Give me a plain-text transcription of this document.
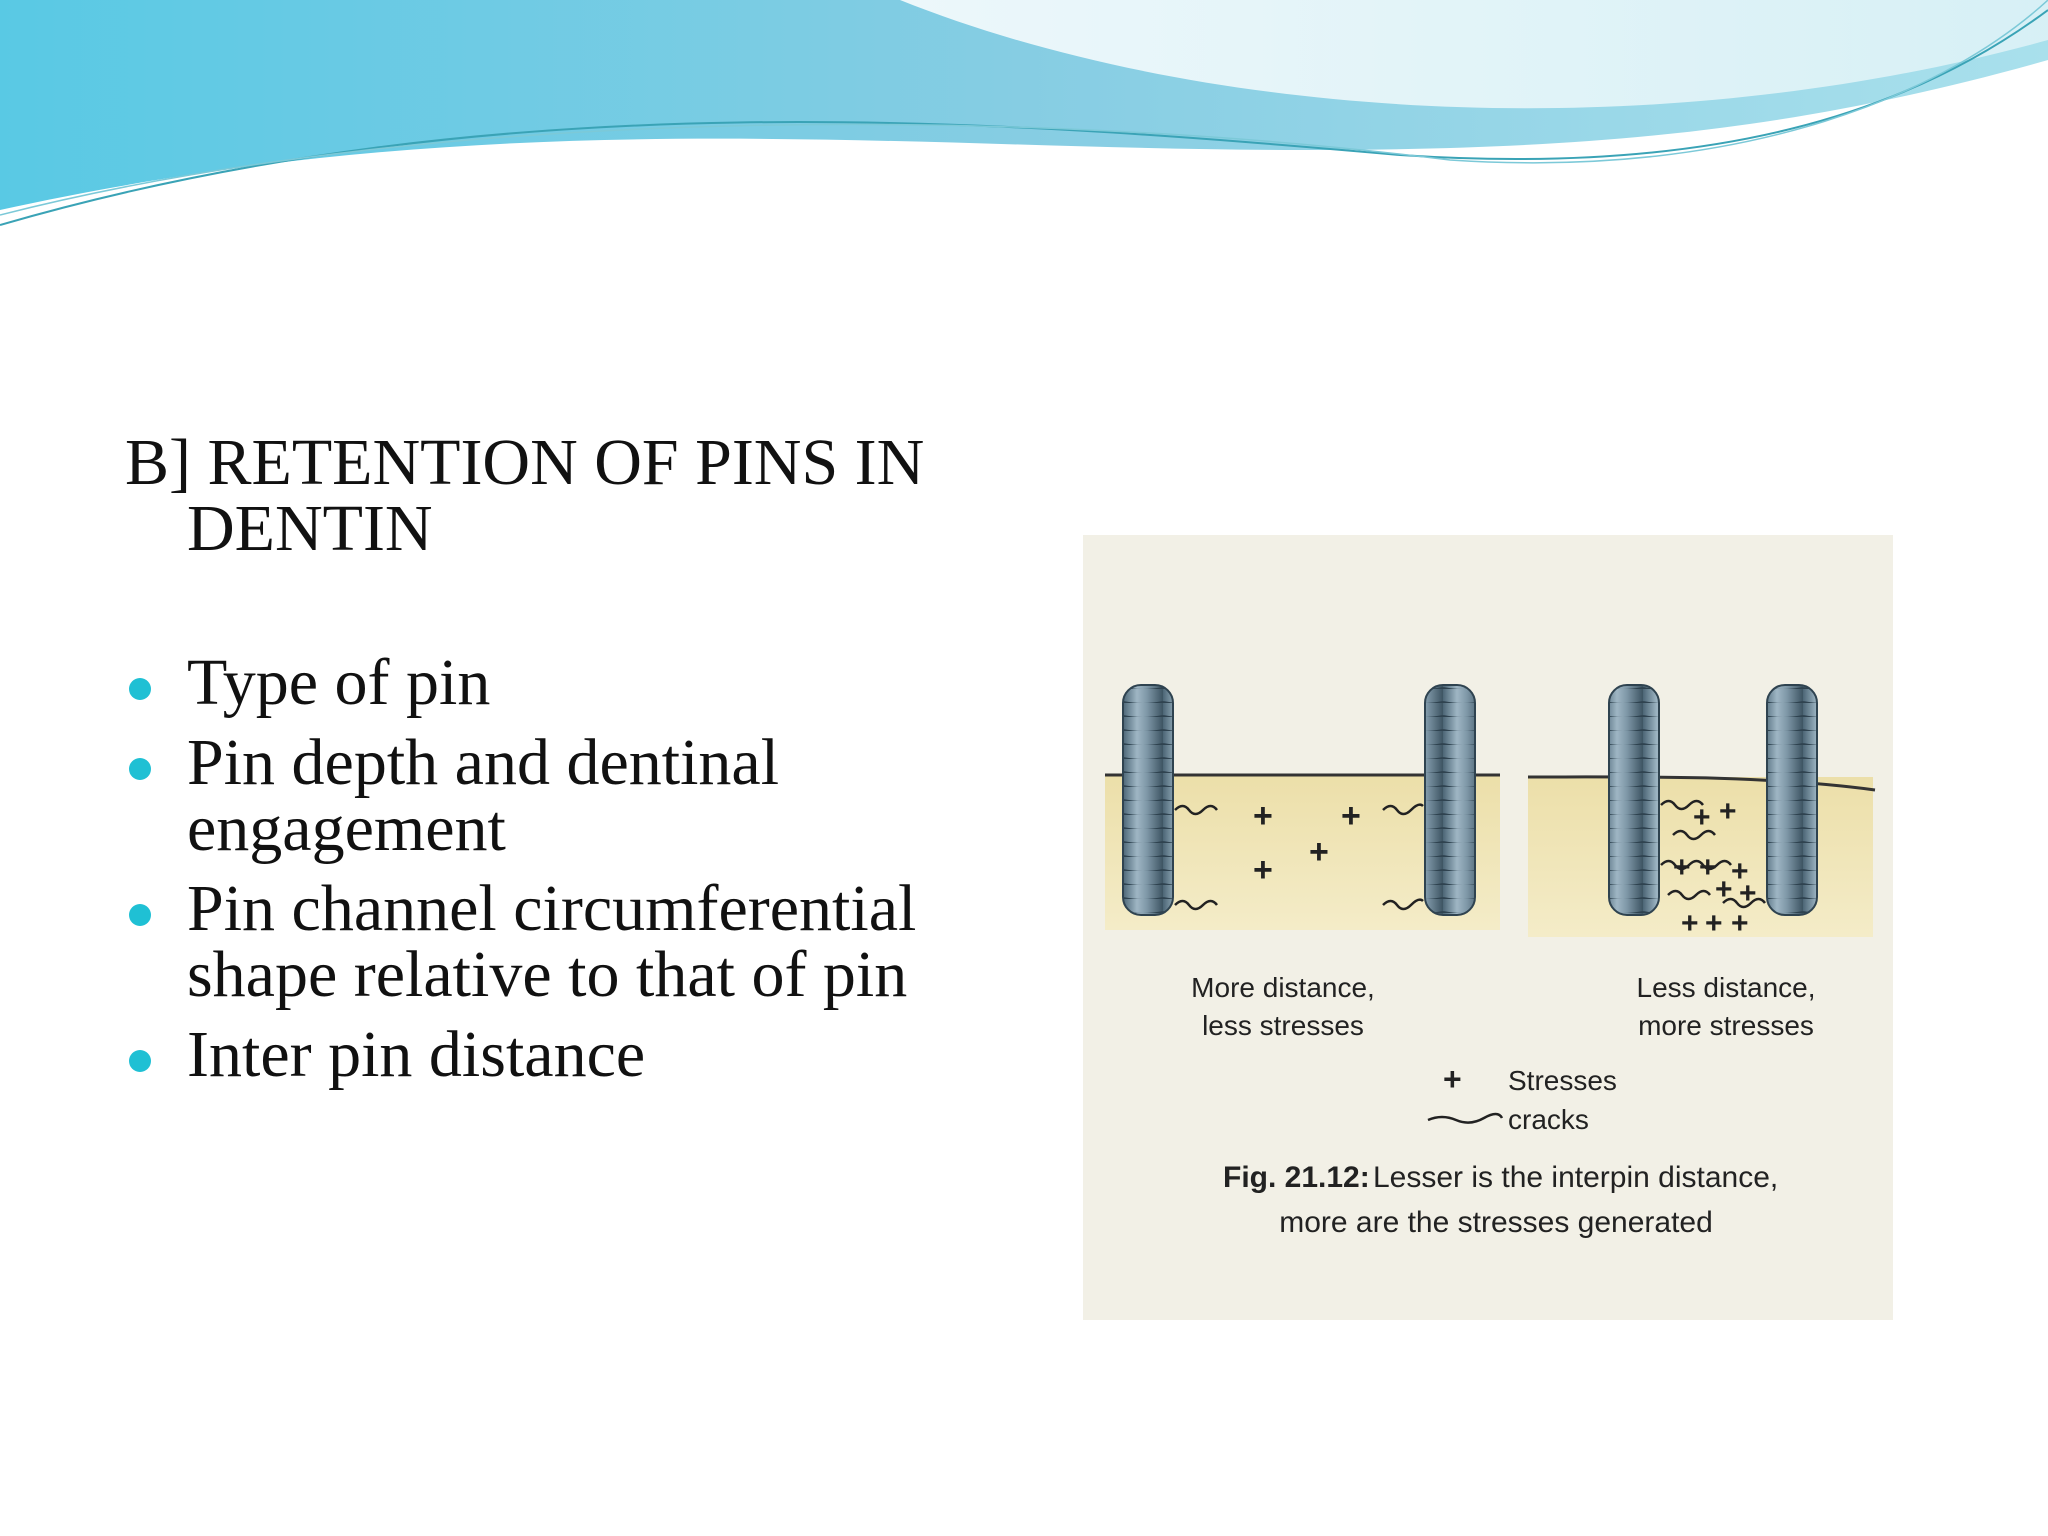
B] RETENTION OF PINS IN DENTIN
Type of pin
Pin depth and dentinal engagement
Pin channel circumferential shape relative to that of pin
Inter pin distance
+ +
+
+
+ +
+ + +
+ +
+ + +
More distance,
less stresses
Less distance,
more stresses
+ Stresses
cracks
Fig. 21.12: Lesser is the interpin distance,
more are the stresses generated
